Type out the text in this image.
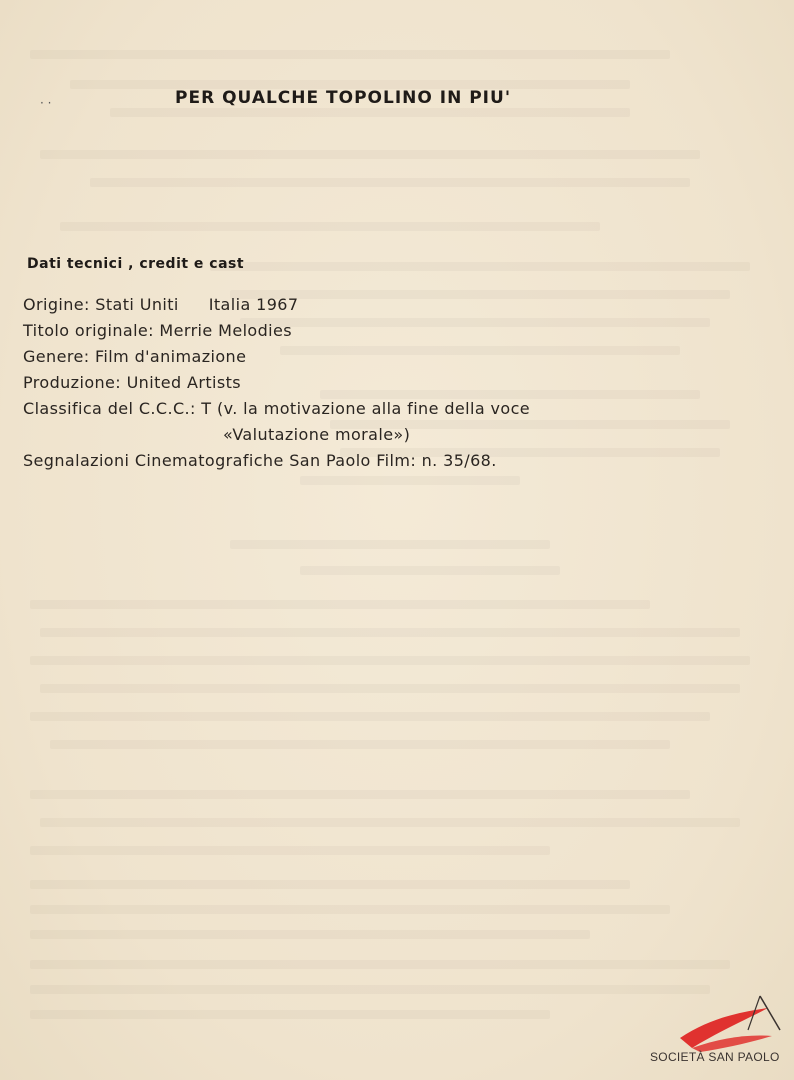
· ·	PER QUALCHE TOPOLINO IN PIU'
Dati tecnici , credit e cast
Origine: Stati Uniti Italia 1967
Titolo originale: Merrie Melodies
Genere: Film d'animazione
Produzione: United Artists
Classifica del C.C.C.: T (v. la motivazione alla fine della voce
«Valutazione morale»)
Segnalazioni Cinematografiche San Paolo Film: n. 35/68.
SOCIETÀ SAN PAOLO
